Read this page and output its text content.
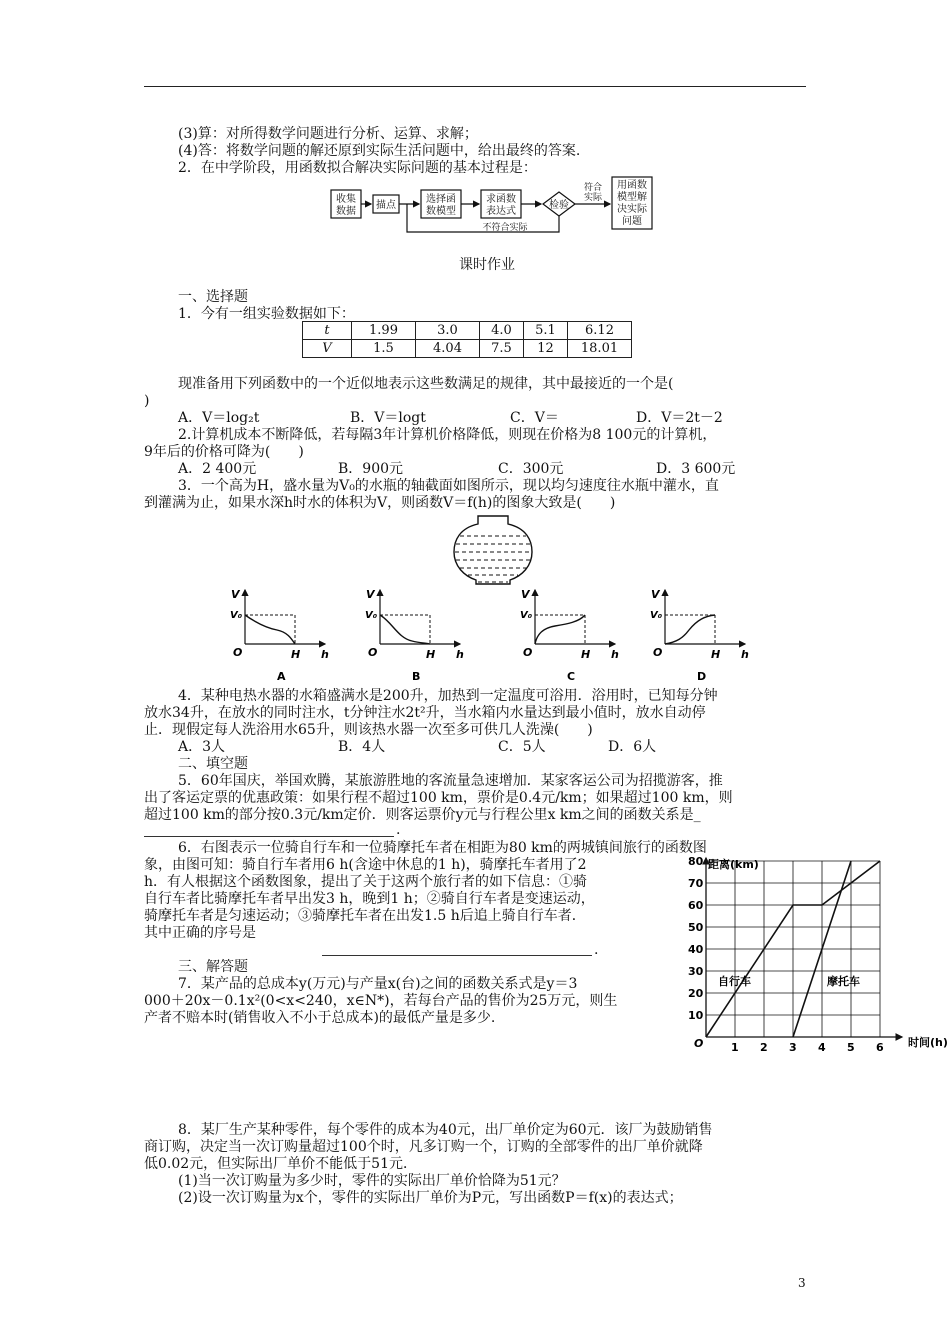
(3)算：对所得数学问题进行分析、运算、求解；
(4)答：将数学问题的解还原到实际生活问题中，给出最终的答案.
2．在中学阶段，用函数拟合解决实际问题的基本过程是：
收集
数据
描点
选择函
数模型
求函数
表达式
检验
用函数
模型解
决实际
问题
符合
实际
不符合实际
课时作业
一、选择题
1．今有一组实验数据如下：
t	1.99	3.0	4.0	5.1	6.12
V	1.5	4.04	7.5	12	18.01
现准备用下列函数中的一个近似地表示这些数满足的规律，其中最接近的一个是(
)
A．V＝log₂t	B．V＝logt	C．V＝	D．V＝2t－2
2.计算机成本不断降低，若每隔3年计算机价格降低，则现在价格为8 100元的计算机，
9年后的价格可降为(　　)
A．2 400元	B．900元	C．300元	D．3 600元
3．一个高为H，盛水量为V₀的水瓶的轴截面如图所示，现以均匀速度往水瓶中灌水，直
到灌满为止，如果水深h时水的体积为V，则函数V＝f(h)的图象大致是(　　)
V
V₀
O	H h
A
V
V₀
O	H h
B
V
V₀
O	H h
C
V
V₀
O	H h
D
4．某种电热水器的水箱盛满水是200升，加热到一定温度可浴用．浴用时，已知每分钟
放水34升，在放水的同时注水，t分钟注水2t²升，当水箱内水量达到最小值时，放水自动停
止．现假定每人洗浴用水65升，则该热水器一次至多可供几人洗澡(　　)
A．3人	B．4人	C．5人	D．6人
二、填空题
5．60年国庆，举国欢腾，某旅游胜地的客流量急速增加．某家客运公司为招揽游客，推
出了客运定票的优惠政策：如果行程不超过100 km，票价是0.4元/km；如果超过100 km，则
超过100 km的部分按0.3元/km定价．则客运票价y元与行程公里x km之间的函数关系是_
.
6．右图表示一位骑自行车和一位骑摩托车者在相距为80 km的两城镇间旅行的函数图
象，由图可知：骑自行车者用6 h(含途中休息的1 h)，骑摩托车者用了2
h．有人根据这个函数图象，提出了关于这两个旅行者的如下信息：①骑
自行车者比骑摩托车者早出发3 h，晚到1 h；②骑自行车者是变速运动，
骑摩托车者是匀速运动；③骑摩托车者在出发1.5 h后追上骑自行车者．
其中正确的序号是
.
三、解答题
7．某产品的总成本y(万元)与产量x(台)之间的函数关系式是y＝3
000＋20x－0.1x²(0<x<240，x∈N*)，若每台产品的售价为25万元，则生
产者不赔本时(销售收入不小于总成本)的最低产量是多少.
1 2 3 4 5 6
10
20
30
40
50
60
70
80 距离(km)
时间(h)
O
自行车	摩托车
8．某厂生产某种零件，每个零件的成本为40元，出厂单价定为60元．该厂为鼓励销售
商订购，决定当一次订购量超过100个时，凡多订购一个，订购的全部零件的出厂单价就降
低0.02元，但实际出厂单价不能低于51元．
(1)当一次订购量为多少时，零件的实际出厂单价恰降为51元？
(2)设一次订购量为x个，零件的实际出厂单价为P元，写出函数P＝f(x)的表达式；
3
